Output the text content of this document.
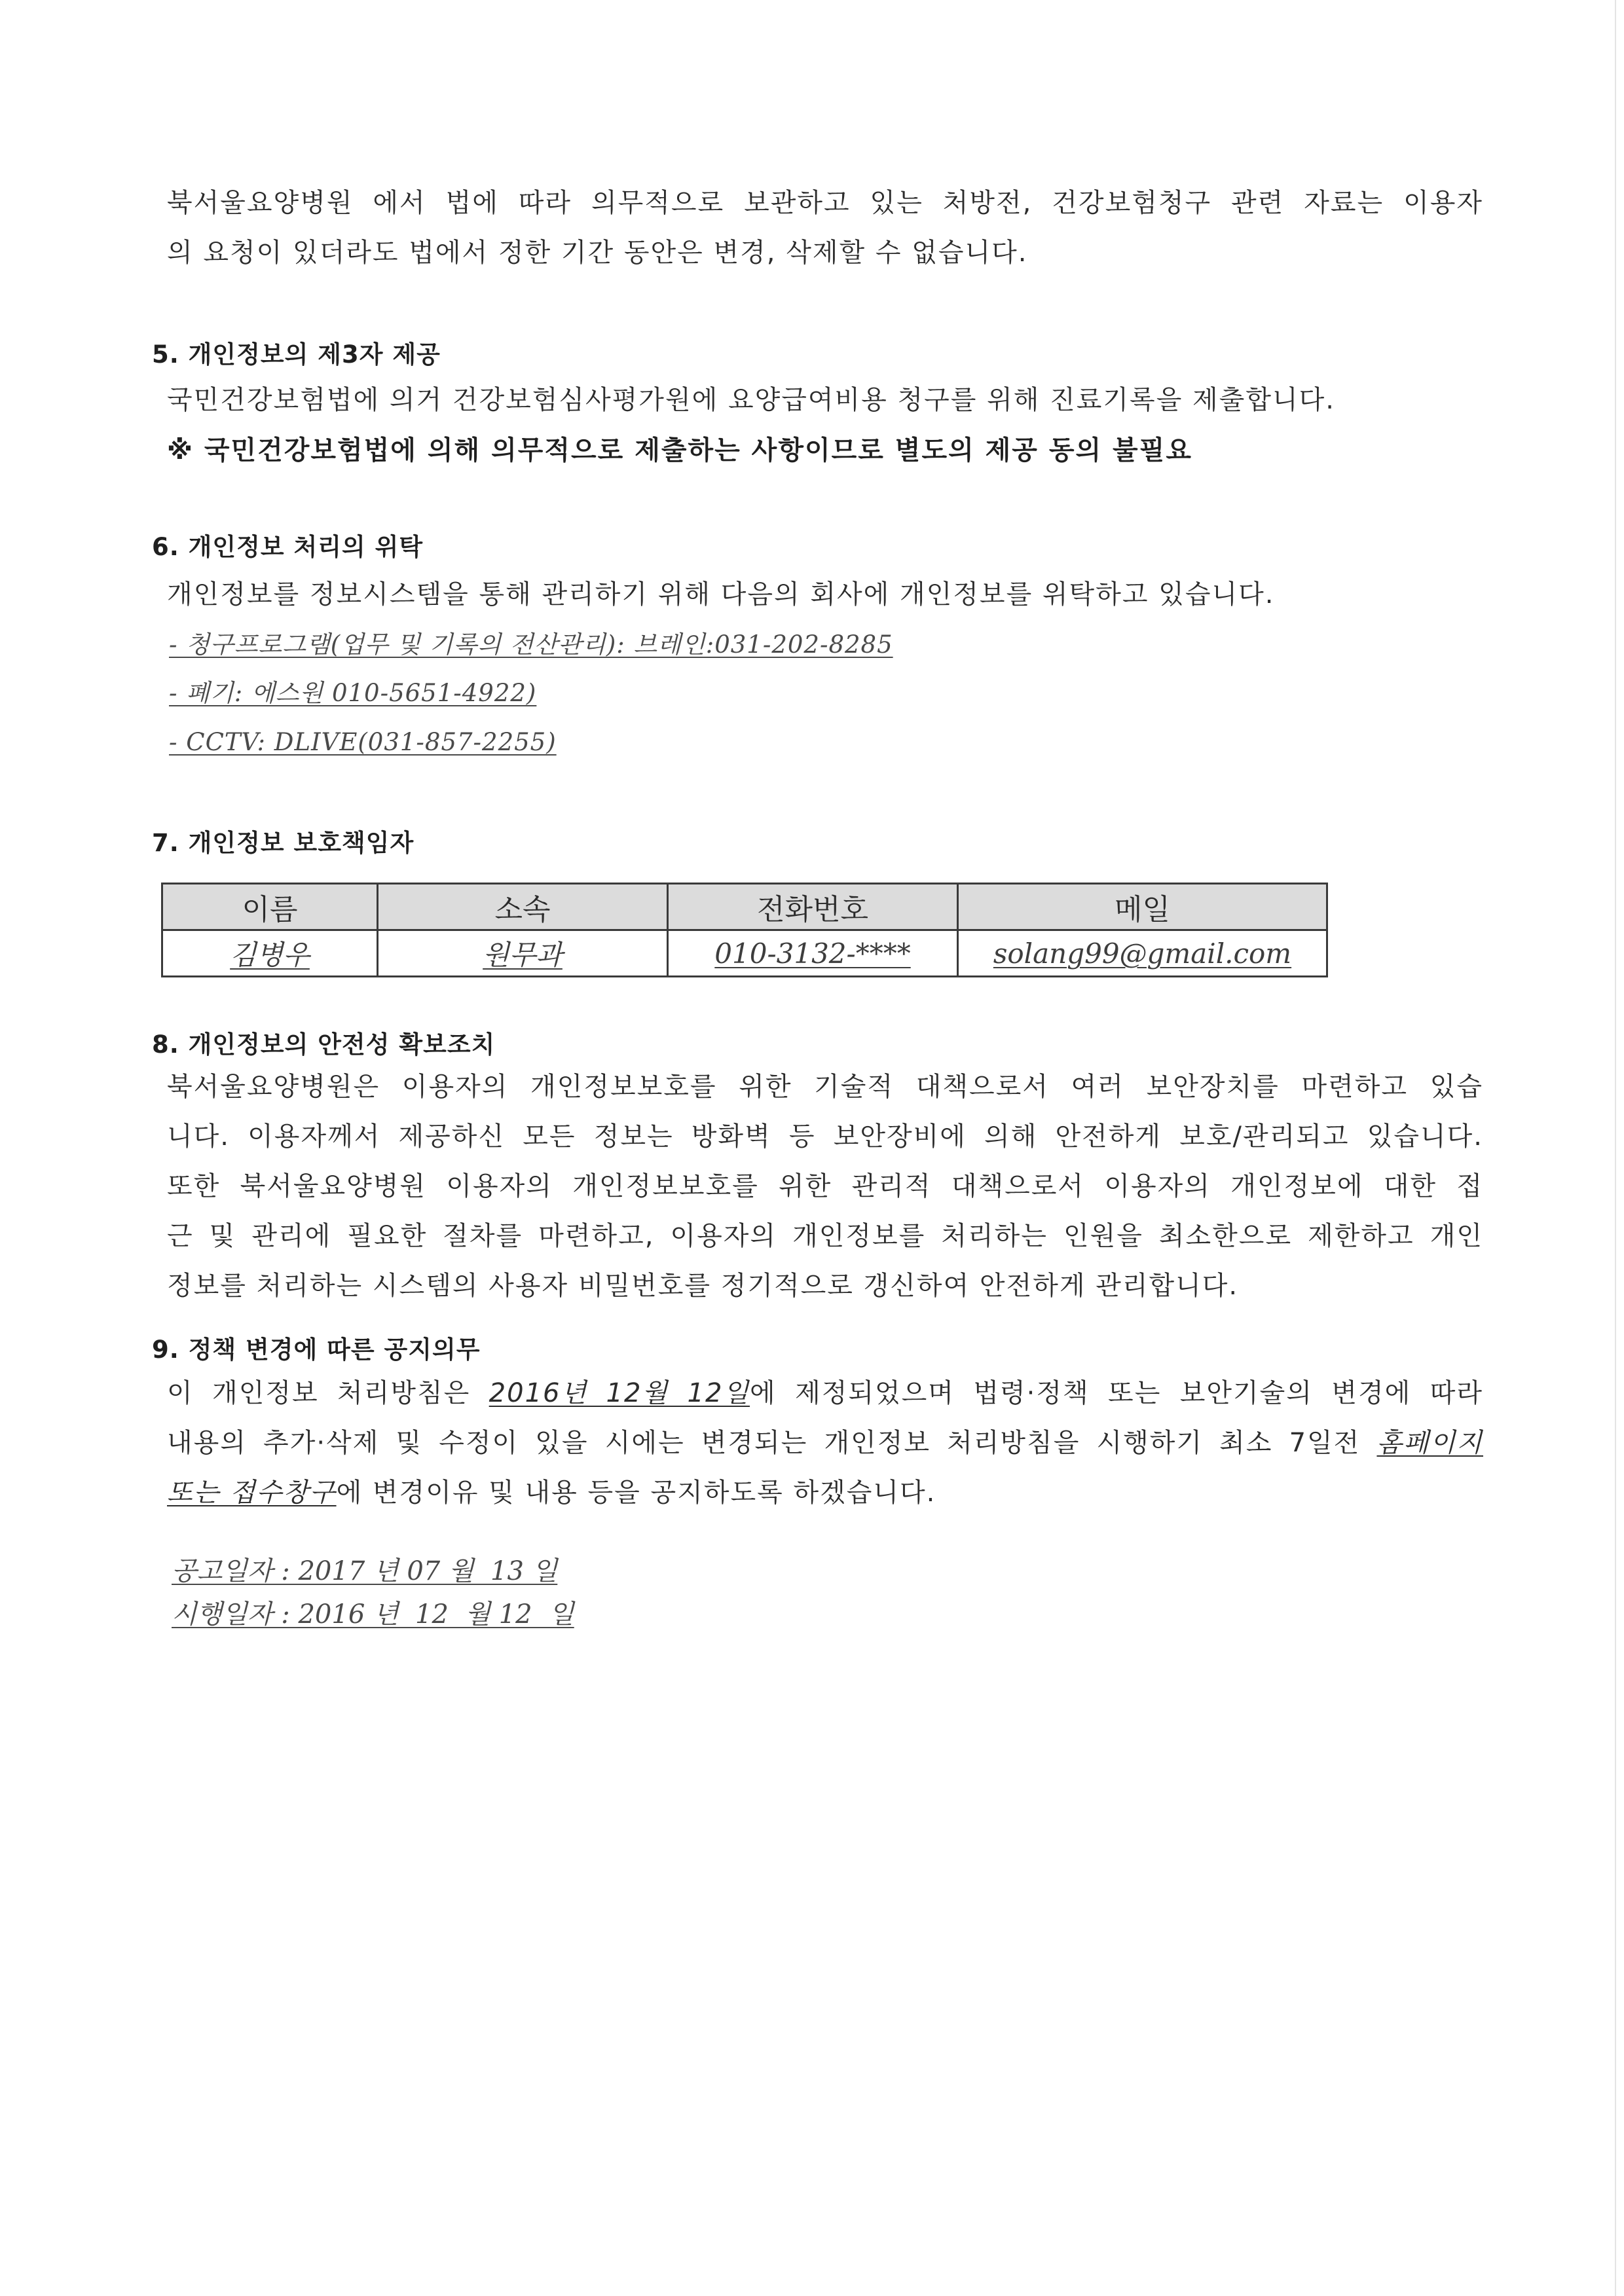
북서울요양병원 에서 법에 따라 의무적으로 보관하고 있는 처방전, 건강보험청구 관련 자료는 이용자
의 요청이 있더라도 법에서 정한 기간 동안은 변경, 삭제할 수 없습니다.
5. 개인정보의 제3자 제공

국민건강보험법에 의거 건강보험심사평가원에 요양급여비용 청구를 위해 진료기록을 제출합니다.

※ 국민건강보험법에 의해 의무적으로 제출하는 사항이므로 별도의 제공 동의 불필요

6. 개인정보 처리의 위탁

개인정보를 정보시스템을 통해 관리하기 위해 다음의 회사에 개인정보를 위탁하고 있습니다.

- 청구프로그램(업무 및 기록의 전산관리): 브레인:031-202-8285

- 폐기: 에스원 010-5651-4922)

- CCTV: DLIVE(031-857-2255)

7. 개인정보 보호책임자
이름	소속	전화번호	메일
김병우	원무과	010-3132-****	solang99@gmail.com
8. 개인정보의 안전성 확보조치
북서울요양병원은 이용자의 개인정보보호를 위한 기술적 대책으로서 여러 보안장치를 마련하고 있습
니다. 이용자께서 제공하신 모든 정보는 방화벽 등 보안장비에 의해 안전하게 보호/관리되고 있습니다.
또한 북서울요양병원 이용자의 개인정보보호를 위한 관리적 대책으로서 이용자의 개인정보에 대한 접
근 및 관리에 필요한 절차를 마련하고, 이용자의 개인정보를 처리하는 인원을 최소한으로 제한하고 개인
정보를 처리하는 시스템의 사용자 비밀번호를 정기적으로 갱신하여 안전하게 관리합니다.
9. 정책 변경에 따른 공지의무
이 개인정보 처리방침은 2016년 12월 12일에 제정되었으며 법령·정책 또는 보안기술의 변경에 따라
내용의 추가·삭제 및 수정이 있을 시에는 변경되는 개인정보 처리방침을 시행하기 최소 7일전 홈페이지
또는 접수창구에 변경이유 및 내용 등을 공지하도록 하겠습니다.

공고일자 : 2017 년 07 월  13 일

시행일자 : 2016 년  12  월 12  일
